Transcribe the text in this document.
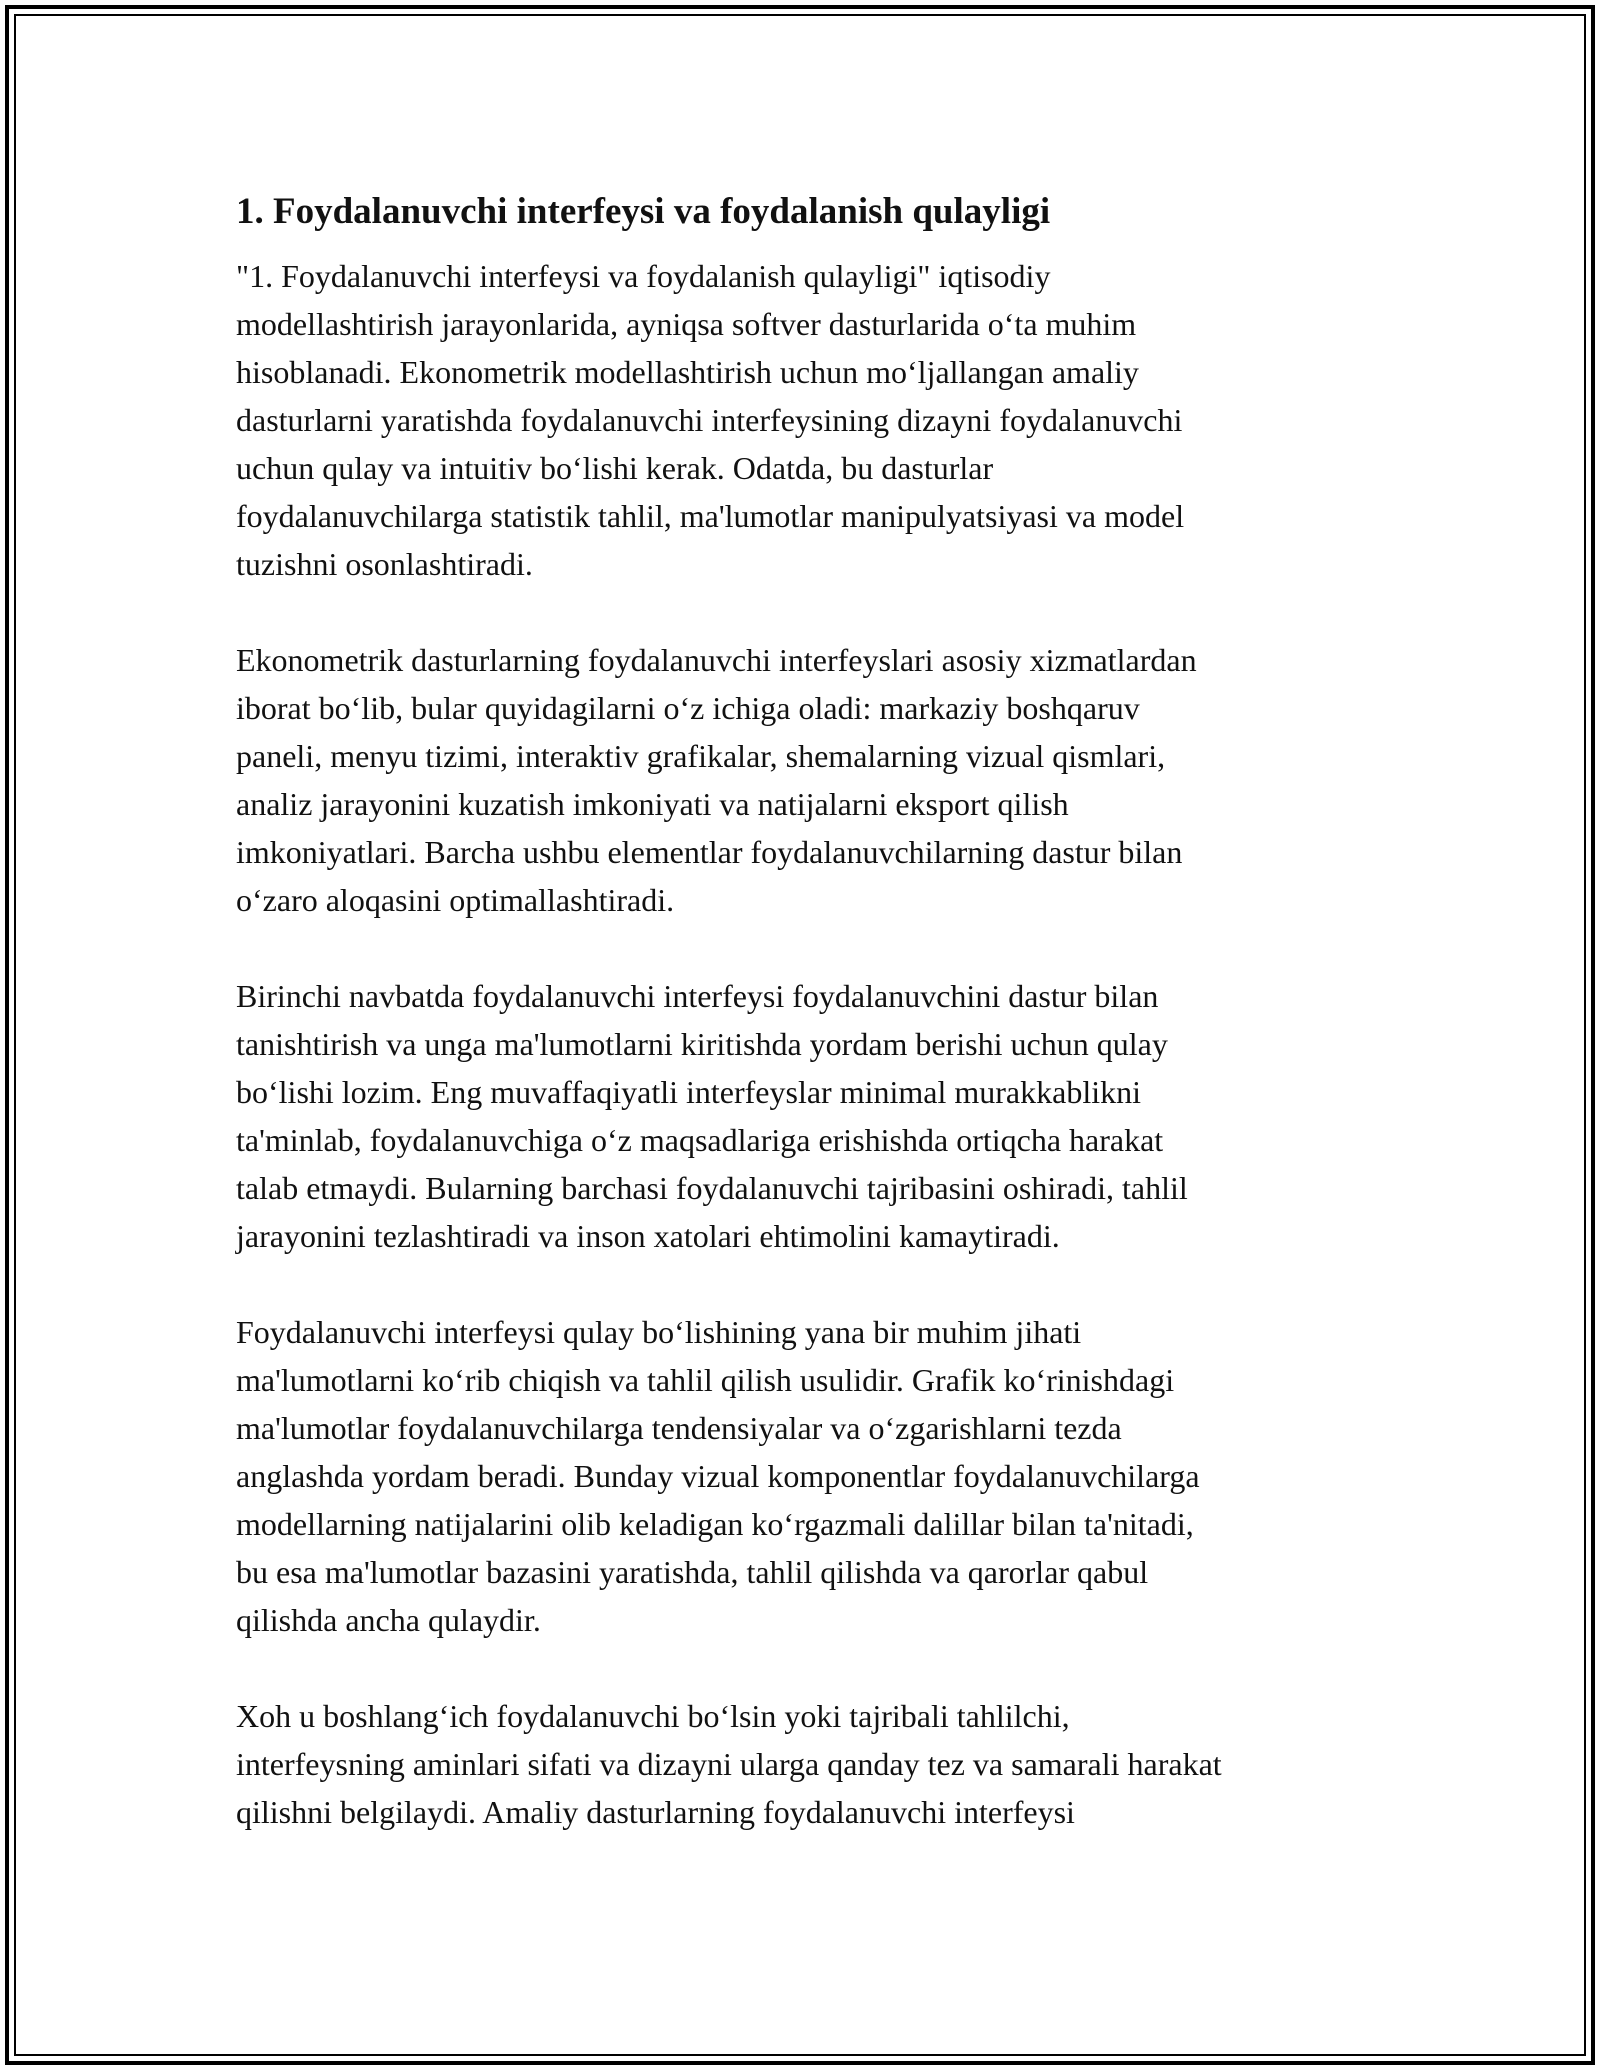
1. Foydalanuvchi interfeysi va foydalanish qulayligi
"1. Foydalanuvchi interfeysi va foydalanish qulayligi" iqtisodiy
modellashtirish jarayonlarida, ayniqsa softver dasturlarida o‘ta muhim
hisoblanadi. Ekonometrik modellashtirish uchun mo‘ljallangan amaliy
dasturlarni yaratishda foydalanuvchi interfeysining dizayni foydalanuvchi
uchun qulay va intuitiv bo‘lishi kerak. Odatda, bu dasturlar
foydalanuvchilarga statistik tahlil, ma'lumotlar manipulyatsiyasi va model
tuzishni osonlashtiradi.
Ekonometrik dasturlarning foydalanuvchi interfeyslari asosiy xizmatlardan
iborat bo‘lib, bular quyidagilarni o‘z ichiga oladi: markaziy boshqaruv
paneli, menyu tizimi, interaktiv grafikalar, shemalarning vizual qismlari,
analiz jarayonini kuzatish imkoniyati va natijalarni eksport qilish
imkoniyatlari. Barcha ushbu elementlar foydalanuvchilarning dastur bilan
o‘zaro aloqasini optimallashtiradi.
Birinchi navbatda foydalanuvchi interfeysi foydalanuvchini dastur bilan
tanishtirish va unga ma'lumotlarni kiritishda yordam berishi uchun qulay
bo‘lishi lozim. Eng muvaffaqiyatli interfeyslar minimal murakkablikni
ta'minlab, foydalanuvchiga o‘z maqsadlariga erishishda ortiqcha harakat
talab etmaydi. Bularning barchasi foydalanuvchi tajribasini oshiradi, tahlil
jarayonini tezlashtiradi va inson xatolari ehtimolini kamaytiradi.
Foydalanuvchi interfeysi qulay bo‘lishining yana bir muhim jihati
ma'lumotlarni ko‘rib chiqish va tahlil qilish usulidir. Grafik ko‘rinishdagi
ma'lumotlar foydalanuvchilarga tendensiyalar va o‘zgarishlarni tezda
anglashda yordam beradi. Bunday vizual komponentlar foydalanuvchilarga
modellarning natijalarini olib keladigan ko‘rgazmali dalillar bilan ta'nitadi,
bu esa ma'lumotlar bazasini yaratishda, tahlil qilishda va qarorlar qabul
qilishda ancha qulaydir.
Xoh u boshlang‘ich foydalanuvchi bo‘lsin yoki tajribali tahlilchi,
interfeysning aminlari sifati va dizayni ularga qanday tez va samarali harakat
qilishni belgilaydi. Amaliy dasturlarning foydalanuvchi interfeysi
